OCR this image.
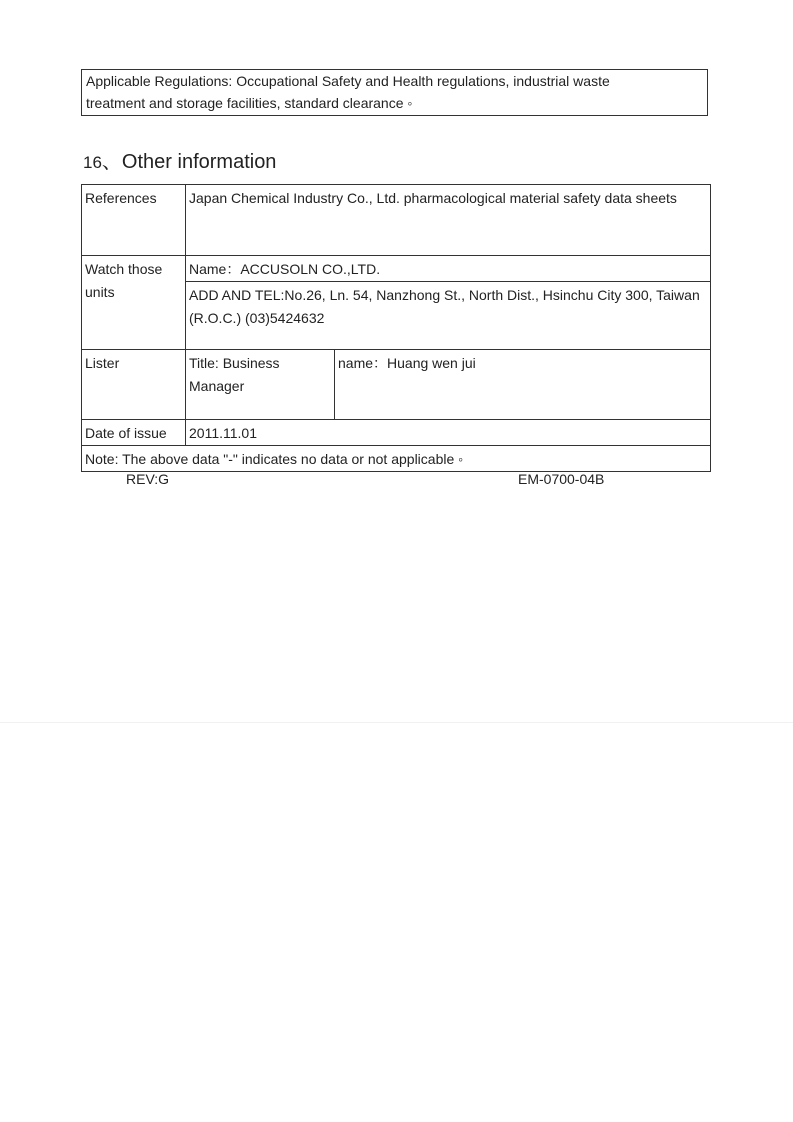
Applicable Regulations: Occupational Safety and Health regulations, industrial waste
treatment and storage facilities, standard clearance ◦
16、Other information
References	Japan Chemical Industry Co., Ltd. pharmacological material safety data sheets	
Watch those units	Name：ACCUSOLN CO.,LTD.	
	ADD AND TEL:No.26, Ln. 54, Nanzhong St., North Dist., Hsinchu City 300, Taiwan (R.O.C.) (03)5424632	
Lister	Title: Business Manager	name：Huang wen jui
Date of issue	2011.11.01	
Note: The above data "-" indicates no data or not applicable ◦		
REV:G	EM-0700-04B
